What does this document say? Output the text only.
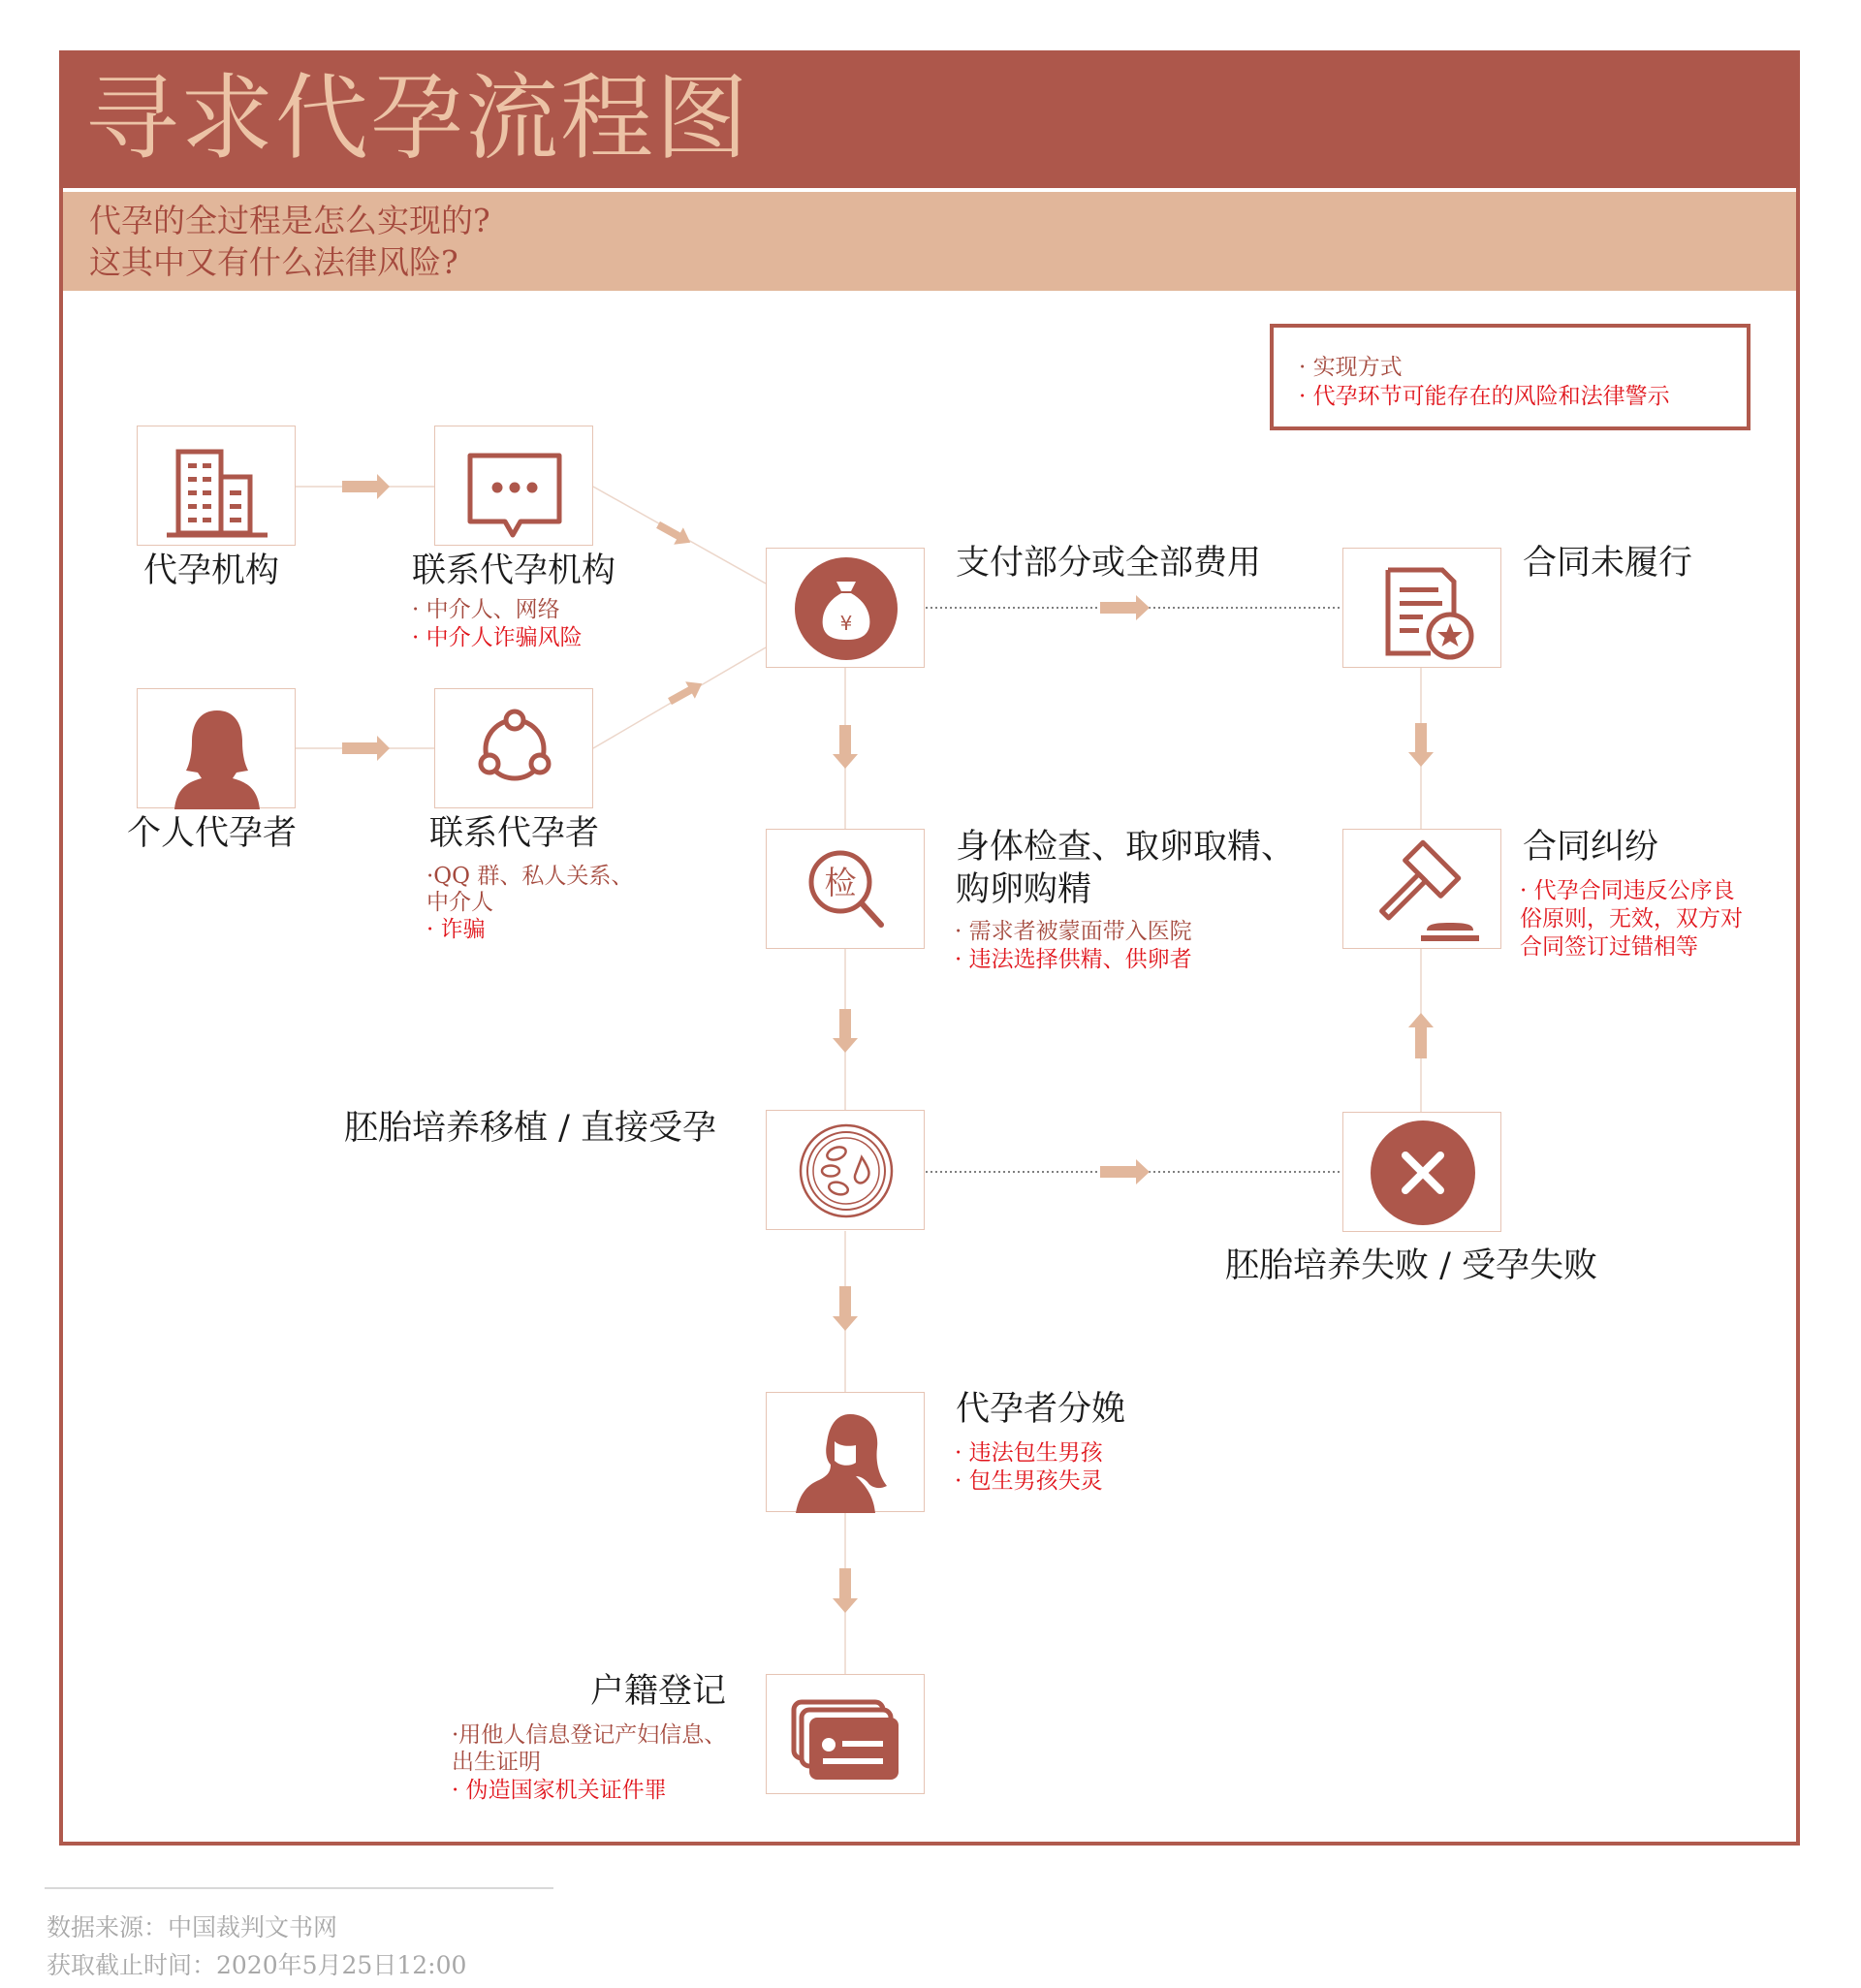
寻求代孕流程图
代孕的全过程是怎么实现的?
这其中又有什么法律风险?
· 实现方式
· 代孕环节可能存在的风险和法律警示
代孕机构	联系代孕机构
· 中介人、网络
· 中介人诈骗风险
个人代孕者	联系代孕者
·QQ 群、私人关系、
中介人
· 诈骗
¥
支付部分或全部费用	合同未履行
检
身体检查、取卵取精、
购卵购精
· 需求者被蒙面带入医院
· 违法选择供精、供卵者
合同纠纷
· 代孕合同违反公序良
俗原则，无效，双方对
合同签订过错相等
胚胎培养移植 / 直接受孕
胚胎培养失败 / 受孕失败
代孕者分娩
· 违法包生男孩
· 包生男孩失灵
户籍登记
·用他人信息登记产妇信息、
出生证明
· 伪造国家机关证件罪
数据来源：中国裁判文书网
获取截止时间：2020年5月25日12:00
